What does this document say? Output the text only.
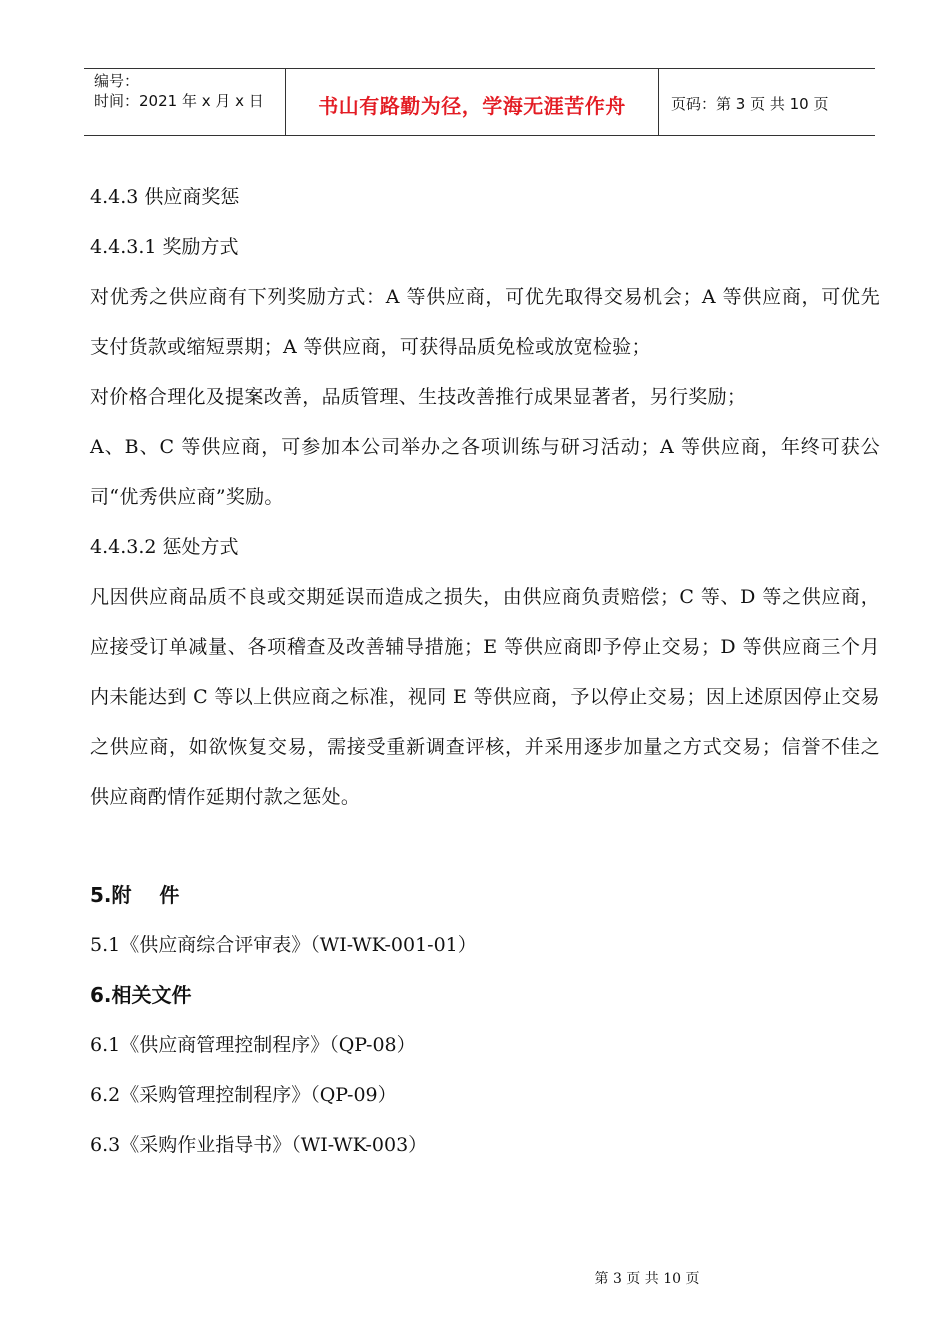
编号：
时间：2021 年 x 月 x 日	书山有路勤为径，学海无涯苦作舟	页码：第 3 页 共 10 页
4.4.3 供应商奖惩
4.4.3.1 奖励方式

对优秀之供应商有下列奖励方式：A 等供应商，可优先取得交易机会；A 等供应商，可优先支付货款或缩短票期；A 等供应商，可获得品质免检或放宽检验；

对价格合理化及提案改善，品质管理、生技改善推行成果显著者，另行奖励；

A、B、C 等供应商，可参加本公司举办之各项训练与研习活动；A 等供应商，年终可获公司“优秀供应商”奖励。

4.4.3.2 惩处方式

凡因供应商品质不良或交期延误而造成之损失，由供应商负责赔偿；C 等、D 等之供应商，应接受订单减量、各项稽查及改善辅导措施；E 等供应商即予停止交易；D 等供应商三个月内未能达到 C 等以上供应商之标准，视同 E 等供应商，予以停止交易；因上述原因停止交易之供应商，如欲恢复交易，需接受重新调查评核，并采用逐步加量之方式交易；信誉不佳之供应商酌情作延期付款之惩处。

5.附    件
5.1《供应商综合评审表》（WI-WK-001-01）
6.相关文件
6.1《供应商管理控制程序》（QP-08）
6.2《采购管理控制程序》（QP-09）
6.3《采购作业指导书》（WI-WK-003）
第 3 页 共 10 页
